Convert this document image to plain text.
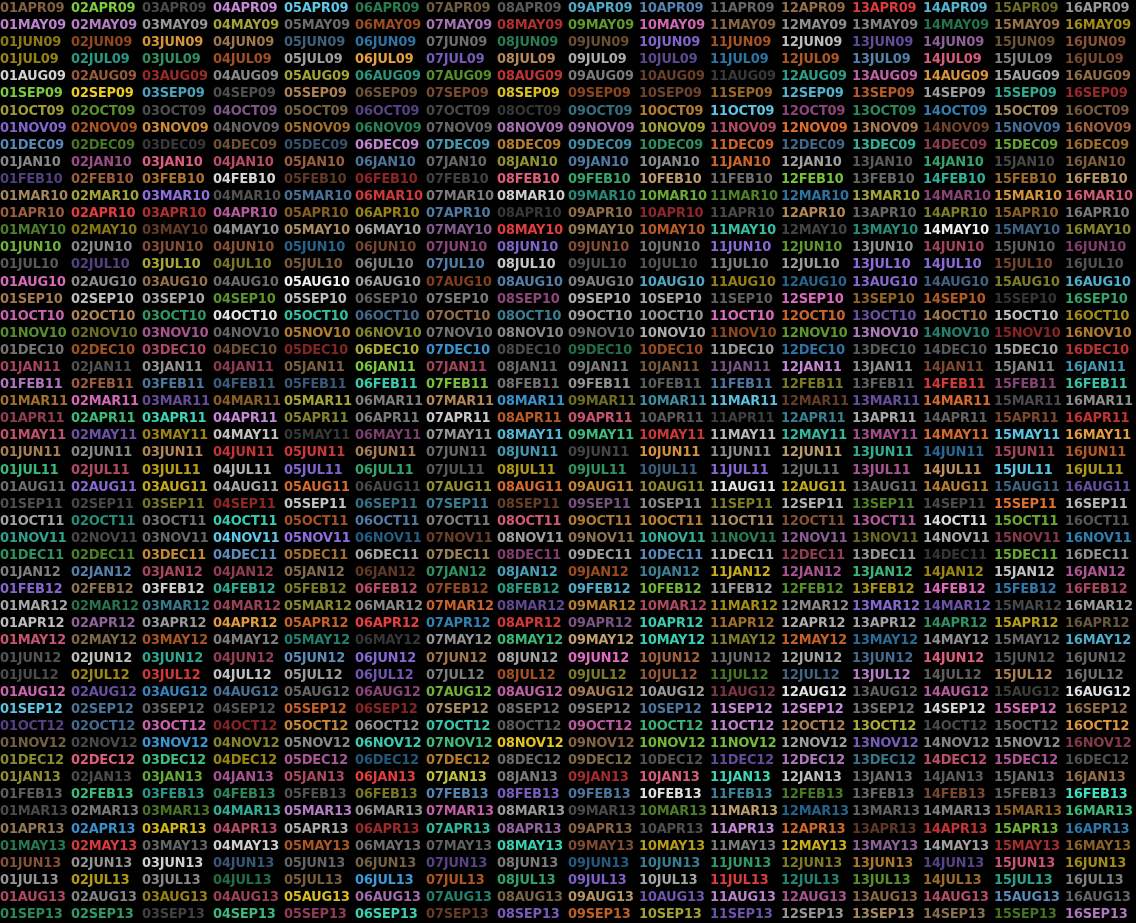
01APR09 02APR09 03APR09 04APR09 05APR09 06APR09 07APR09 08APR09 09APR09 10APR09 11APR09 12APR09 13APR09 14APR09 15APR09 16APR09
01MAY09 02MAY09 03MAY09 04MAY09 05MAY09 06MAY09 07MAY09 08MAY09 09MAY09 10MAY09 11MAY09 12MAY09 13MAY09 14MAY09 15MAY09 16MAY09
01JUN09 02JUN09 03JUN09 04JUN09 05JUN09 06JUN09 07JUN09 08JUN09 09JUN09 10JUN09 11JUN09 12JUN09 13JUN09 14JUN09 15JUN09 16JUN09
01JUL09 02JUL09 03JUL09 04JUL09 05JUL09 06JUL09 07JUL09 08JUL09 09JUL09 10JUL09 11JUL09 12JUL09 13JUL09 14JUL09 15JUL09 16JUL09
01AUG09 02AUG09 03AUG09 04AUG09 05AUG09 06AUG09 07AUG09 08AUG09 09AUG09 10AUG09 11AUG09 12AUG09 13AUG09 14AUG09 15AUG09 16AUG09
01SEP09 02SEP09 03SEP09 04SEP09 05SEP09 06SEP09 07SEP09 08SEP09 09SEP09 10SEP09 11SEP09 12SEP09 13SEP09 14SEP09 15SEP09 16SEP09
01OCT09 02OCT09 03OCT09 04OCT09 05OCT09 06OCT09 07OCT09 08OCT09 09OCT09 10OCT09 11OCT09 12OCT09 13OCT09 14OCT09 15OCT09 16OCT09
01NOV09 02NOV09 03NOV09 04NOV09 05NOV09 06NOV09 07NOV09 08NOV09 09NOV09 10NOV09 11NOV09 12NOV09 13NOV09 14NOV09 15NOV09 16NOV09
01DEC09 02DEC09 03DEC09 04DEC09 05DEC09 06DEC09 07DEC09 08DEC09 09DEC09 10DEC09 11DEC09 12DEC09 13DEC09 14DEC09 15DEC09 16DEC09
01JAN10 02JAN10 03JAN10 04JAN10 05JAN10 06JAN10 07JAN10 08JAN10 09JAN10 10JAN10 11JAN10 12JAN10 13JAN10 14JAN10 15JAN10 16JAN10
01FEB10 02FEB10 03FEB10 04FEB10 05FEB10 06FEB10 07FEB10 08FEB10 09FEB10 10FEB10 11FEB10 12FEB10 13FEB10 14FEB10 15FEB10 16FEB10
01MAR10 02MAR10 03MAR10 04MAR10 05MAR10 06MAR10 07MAR10 08MAR10 09MAR10 10MAR10 11MAR10 12MAR10 13MAR10 14MAR10 15MAR10 16MAR10
01APR10 02APR10 03APR10 04APR10 05APR10 06APR10 07APR10 08APR10 09APR10 10APR10 11APR10 12APR10 13APR10 14APR10 15APR10 16APR10
01MAY10 02MAY10 03MAY10 04MAY10 05MAY10 06MAY10 07MAY10 08MAY10 09MAY10 10MAY10 11MAY10 12MAY10 13MAY10 14MAY10 15MAY10 16MAY10
01JUN10 02JUN10 03JUN10 04JUN10 05JUN10 06JUN10 07JUN10 08JUN10 09JUN10 10JUN10 11JUN10 12JUN10 13JUN10 14JUN10 15JUN10 16JUN10
01JUL10 02JUL10 03JUL10 04JUL10 05JUL10 06JUL10 07JUL10 08JUL10 09JUL10 10JUL10 11JUL10 12JUL10 13JUL10 14JUL10 15JUL10 16JUL10
01AUG10 02AUG10 03AUG10 04AUG10 05AUG10 06AUG10 07AUG10 08AUG10 09AUG10 10AUG10 11AUG10 12AUG10 13AUG10 14AUG10 15AUG10 16AUG10
01SEP10 02SEP10 03SEP10 04SEP10 05SEP10 06SEP10 07SEP10 08SEP10 09SEP10 10SEP10 11SEP10 12SEP10 13SEP10 14SEP10 15SEP10 16SEP10
01OCT10 02OCT10 03OCT10 04OCT10 05OCT10 06OCT10 07OCT10 08OCT10 09OCT10 10OCT10 11OCT10 12OCT10 13OCT10 14OCT10 15OCT10 16OCT10
01NOV10 02NOV10 03NOV10 04NOV10 05NOV10 06NOV10 07NOV10 08NOV10 09NOV10 10NOV10 11NOV10 12NOV10 13NOV10 14NOV10 15NOV10 16NOV10
01DEC10 02DEC10 03DEC10 04DEC10 05DEC10 06DEC10 07DEC10 08DEC10 09DEC10 10DEC10 11DEC10 12DEC10 13DEC10 14DEC10 15DEC10 16DEC10
01JAN11 02JAN11 03JAN11 04JAN11 05JAN11 06JAN11 07JAN11 08JAN11 09JAN11 10JAN11 11JAN11 12JAN11 13JAN11 14JAN11 15JAN11 16JAN11
01FEB11 02FEB11 03FEB11 04FEB11 05FEB11 06FEB11 07FEB11 08FEB11 09FEB11 10FEB11 11FEB11 12FEB11 13FEB11 14FEB11 15FEB11 16FEB11
01MAR11 02MAR11 03MAR11 04MAR11 05MAR11 06MAR11 07MAR11 08MAR11 09MAR11 10MAR11 11MAR11 12MAR11 13MAR11 14MAR11 15MAR11 16MAR11
01APR11 02APR11 03APR11 04APR11 05APR11 06APR11 07APR11 08APR11 09APR11 10APR11 11APR11 12APR11 13APR11 14APR11 15APR11 16APR11
01MAY11 02MAY11 03MAY11 04MAY11 05MAY11 06MAY11 07MAY11 08MAY11 09MAY11 10MAY11 11MAY11 12MAY11 13MAY11 14MAY11 15MAY11 16MAY11
01JUN11 02JUN11 03JUN11 04JUN11 05JUN11 06JUN11 07JUN11 08JUN11 09JUN11 10JUN11 11JUN11 12JUN11 13JUN11 14JUN11 15JUN11 16JUN11
01JUL11 02JUL11 03JUL11 04JUL11 05JUL11 06JUL11 07JUL11 08JUL11 09JUL11 10JUL11 11JUL11 12JUL11 13JUL11 14JUL11 15JUL11 16JUL11
01AUG11 02AUG11 03AUG11 04AUG11 05AUG11 06AUG11 07AUG11 08AUG11 09AUG11 10AUG11 11AUG11 12AUG11 13AUG11 14AUG11 15AUG11 16AUG11
01SEP11 02SEP11 03SEP11 04SEP11 05SEP11 06SEP11 07SEP11 08SEP11 09SEP11 10SEP11 11SEP11 12SEP11 13SEP11 14SEP11 15SEP11 16SEP11
01OCT11 02OCT11 03OCT11 04OCT11 05OCT11 06OCT11 07OCT11 08OCT11 09OCT11 10OCT11 11OCT11 12OCT11 13OCT11 14OCT11 15OCT11 16OCT11
01NOV11 02NOV11 03NOV11 04NOV11 05NOV11 06NOV11 07NOV11 08NOV11 09NOV11 10NOV11 11NOV11 12NOV11 13NOV11 14NOV11 15NOV11 16NOV11
01DEC11 02DEC11 03DEC11 04DEC11 05DEC11 06DEC11 07DEC11 08DEC11 09DEC11 10DEC11 11DEC11 12DEC11 13DEC11 14DEC11 15DEC11 16DEC11
01JAN12 02JAN12 03JAN12 04JAN12 05JAN12 06JAN12 07JAN12 08JAN12 09JAN12 10JAN12 11JAN12 12JAN12 13JAN12 14JAN12 15JAN12 16JAN12
01FEB12 02FEB12 03FEB12 04FEB12 05FEB12 06FEB12 07FEB12 08FEB12 09FEB12 10FEB12 11FEB12 12FEB12 13FEB12 14FEB12 15FEB12 16FEB12
01MAR12 02MAR12 03MAR12 04MAR12 05MAR12 06MAR12 07MAR12 08MAR12 09MAR12 10MAR12 11MAR12 12MAR12 13MAR12 14MAR12 15MAR12 16MAR12
01APR12 02APR12 03APR12 04APR12 05APR12 06APR12 07APR12 08APR12 09APR12 10APR12 11APR12 12APR12 13APR12 14APR12 15APR12 16APR12
01MAY12 02MAY12 03MAY12 04MAY12 05MAY12 06MAY12 07MAY12 08MAY12 09MAY12 10MAY12 11MAY12 12MAY12 13MAY12 14MAY12 15MAY12 16MAY12
01JUN12 02JUN12 03JUN12 04JUN12 05JUN12 06JUN12 07JUN12 08JUN12 09JUN12 10JUN12 11JUN12 12JUN12 13JUN12 14JUN12 15JUN12 16JUN12
01JUL12 02JUL12 03JUL12 04JUL12 05JUL12 06JUL12 07JUL12 08JUL12 09JUL12 10JUL12 11JUL12 12JUL12 13JUL12 14JUL12 15JUL12 16JUL12
01AUG12 02AUG12 03AUG12 04AUG12 05AUG12 06AUG12 07AUG12 08AUG12 09AUG12 10AUG12 11AUG12 12AUG12 13AUG12 14AUG12 15AUG12 16AUG12
01SEP12 02SEP12 03SEP12 04SEP12 05SEP12 06SEP12 07SEP12 08SEP12 09SEP12 10SEP12 11SEP12 12SEP12 13SEP12 14SEP12 15SEP12 16SEP12
01OCT12 02OCT12 03OCT12 04OCT12 05OCT12 06OCT12 07OCT12 08OCT12 09OCT12 10OCT12 11OCT12 12OCT12 13OCT12 14OCT12 15OCT12 16OCT12
01NOV12 02NOV12 03NOV12 04NOV12 05NOV12 06NOV12 07NOV12 08NOV12 09NOV12 10NOV12 11NOV12 12NOV12 13NOV12 14NOV12 15NOV12 16NOV12
01DEC12 02DEC12 03DEC12 04DEC12 05DEC12 06DEC12 07DEC12 08DEC12 09DEC12 10DEC12 11DEC12 12DEC12 13DEC12 14DEC12 15DEC12 16DEC12
01JAN13 02JAN13 03JAN13 04JAN13 05JAN13 06JAN13 07JAN13 08JAN13 09JAN13 10JAN13 11JAN13 12JAN13 13JAN13 14JAN13 15JAN13 16JAN13
01FEB13 02FEB13 03FEB13 04FEB13 05FEB13 06FEB13 07FEB13 08FEB13 09FEB13 10FEB13 11FEB13 12FEB13 13FEB13 14FEB13 15FEB13 16FEB13
01MAR13 02MAR13 03MAR13 04MAR13 05MAR13 06MAR13 07MAR13 08MAR13 09MAR13 10MAR13 11MAR13 12MAR13 13MAR13 14MAR13 15MAR13 16MAR13
01APR13 02APR13 03APR13 04APR13 05APR13 06APR13 07APR13 08APR13 09APR13 10APR13 11APR13 12APR13 13APR13 14APR13 15APR13 16APR13
01MAY13 02MAY13 03MAY13 04MAY13 05MAY13 06MAY13 07MAY13 08MAY13 09MAY13 10MAY13 11MAY13 12MAY13 13MAY13 14MAY13 15MAY13 16MAY13
01JUN13 02JUN13 03JUN13 04JUN13 05JUN13 06JUN13 07JUN13 08JUN13 09JUN13 10JUN13 11JUN13 12JUN13 13JUN13 14JUN13 15JUN13 16JUN13
01JUL13 02JUL13 03JUL13 04JUL13 05JUL13 06JUL13 07JUL13 08JUL13 09JUL13 10JUL13 11JUL13 12JUL13 13JUL13 14JUL13 15JUL13 16JUL13
01AUG13 02AUG13 03AUG13 04AUG13 05AUG13 06AUG13 07AUG13 08AUG13 09AUG13 10AUG13 11AUG13 12AUG13 13AUG13 14AUG13 15AUG13 16AUG13
01SEP13 02SEP13 03SEP13 04SEP13 05SEP13 06SEP13 07SEP13 08SEP13 09SEP13 10SEP13 11SEP13 12SEP13 13SEP13 14SEP13 15SEP13 16SEP13
